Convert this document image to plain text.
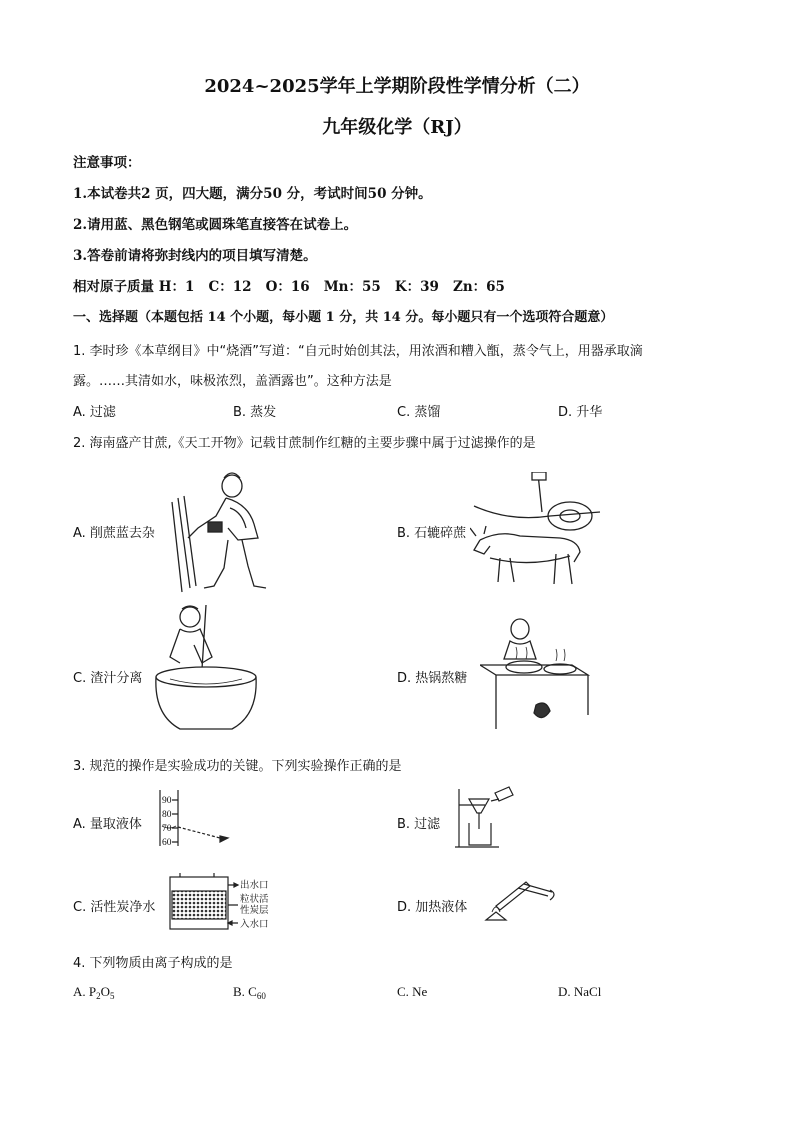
2024~2025学年上学期阶段性学情分析（二）
九年级化学（RJ）
注意事项：
1.本试卷共2 页，四大题，满分50 分，考试时间50 分钟。
2.请用蓝、黑色钢笔或圆珠笔直接答在试卷上。
3.答卷前请将弥封线内的项目填写清楚。
相对原子质量 H：1   C：12   O：16   Mn：55   K：39   Zn：65
一、选择题（本题包括 14 个小题，每小题 1 分，共 14 分。每小题只有一个选项符合题意）
1. 李时珍《本草纲目》中“烧酒”写道：“自元时始创其法，用浓酒和糟入甑，蒸令气上，用器承取滴
露。……其清如水，味极浓烈，盖酒露也”。这种方法是
A. 过滤	B. 蒸发	C. 蒸馏	D. 升华
2. 海南盛产甘蔗,《天工开物》记载甘蔗制作红糖的主要步骤中属于过滤操作的是
A. 削蔗蓝去杂	B. 石辘碎蔗
C. 渣汁分离	D. 热锅熬糖
3. 规范的操作是实验成功的关键。下列实验操作正确的是
A. 量取液体	B. 过滤
C. 活性炭净水	D. 加热液体
90
80
70
60
出水口
粒状活
性炭层
入水口
4. 下列物质由离子构成的是
A. $P_2O_5$	B. $C_{60}$	C. Ne	D. NaCl
